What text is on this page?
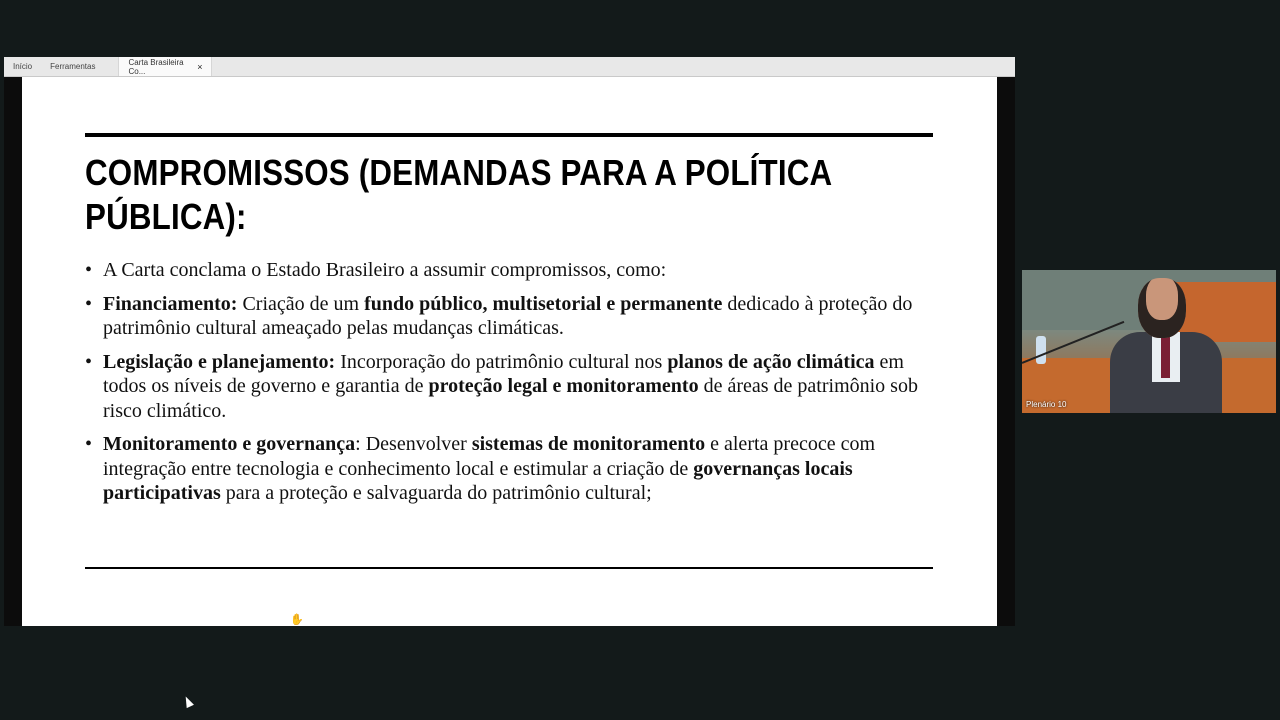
Início	Ferramentas	Carta Brasileira Co...	×
COMPROMISSOS (DEMANDAS PARA A POLÍTICA PÚBLICA):
• A Carta conclama o Estado Brasileiro a assumir compromissos, como:
• Financiamento: Criação de um fundo público, multisetorial e permanente dedicado à proteção do patrimônio cultural ameaçado pelas mudanças climáticas.
• Legislação e planejamento: Incorporação do patrimônio cultural nos planos de ação climática em todos os níveis de governo e garantia de proteção legal e monitoramento de áreas de patrimônio sob risco climático.
• Monitoramento e governança: Desenvolver sistemas de monitoramento e alerta precoce com integração entre tecnologia e conhecimento local e estimular a criação de governanças locais participativas para a proteção e salvaguarda do patrimônio cultural;
✋
Plenário 10
